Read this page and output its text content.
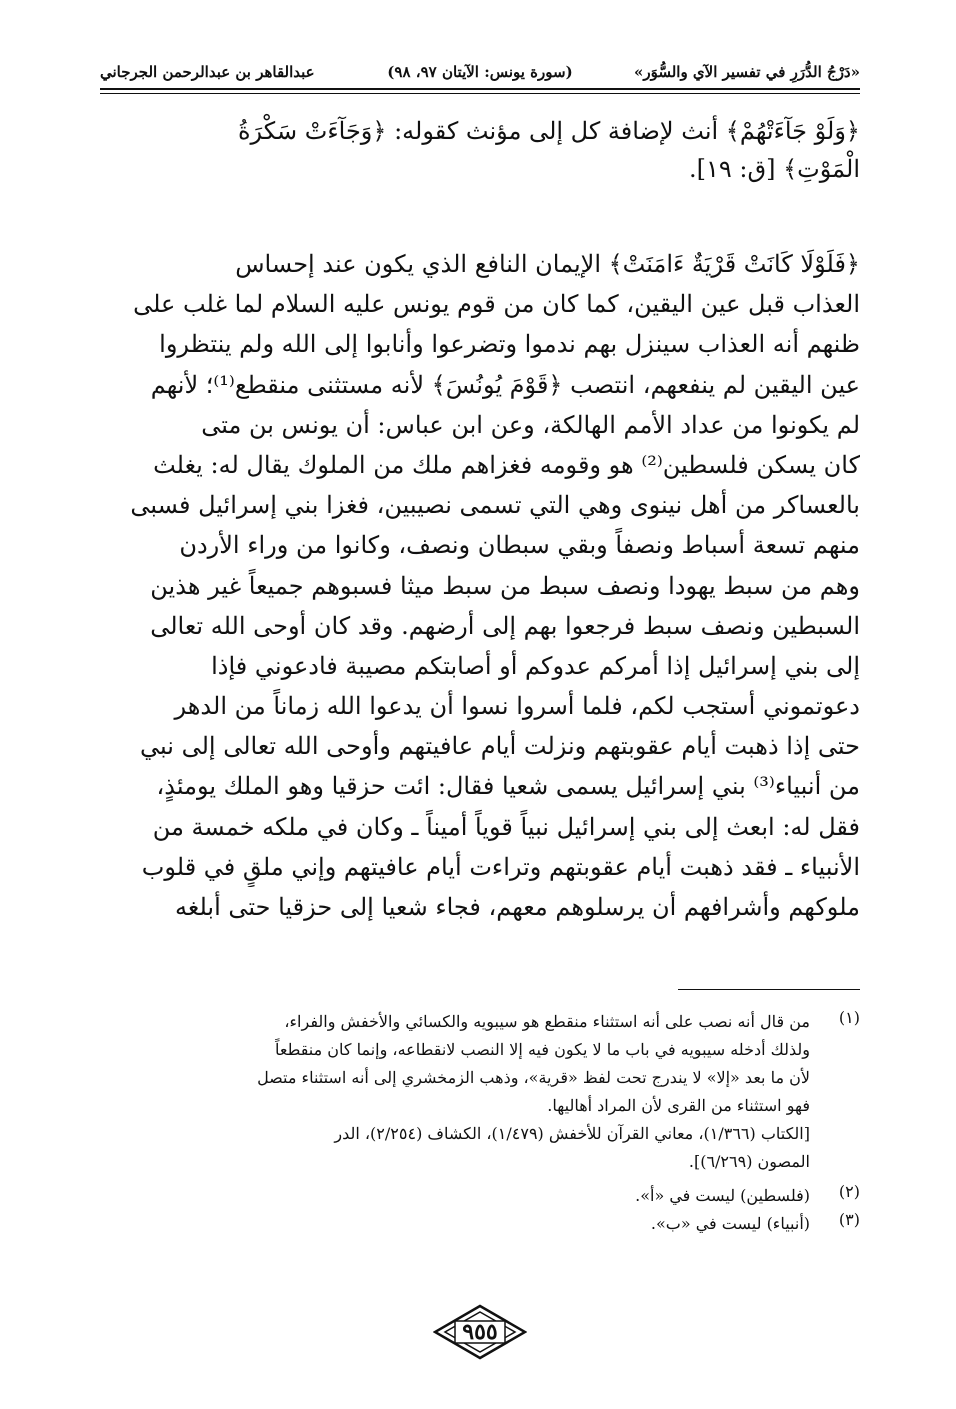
«دَرْجُ الدُّرَرِ في تفسير الآي والسُّوَر»
(سورة يونس: الآيتان ٩٧، ٩٨)
عبدالقاهر بن عبدالرحمن الجرجاني
﴿وَلَوْ جَآءَتْهُمْ﴾ أنث لإضافة كل إلى مؤنث كقوله: ﴿وَجَآءَتْ سَكْرَةُ
الْمَوْتِ﴾ [ق: ١٩].
﴿فَلَوْلَا كَانَتْ قَرْيَةٌ ءَامَنَتْ﴾ الإيمان النافع الذي يكون عند إحساس
العذاب قبل عين اليقين، كما كان من قوم يونس عليه السلام لما غلب على
ظنهم أنه العذاب سينزل بهم ندموا وتضرعوا وأنابوا إلى الله ولم ينتظروا
عين اليقين لم ينفعهم، انتصب ﴿قَوْمَ يُونُسَ﴾ لأنه مستثنى منقطع⁽¹⁾؛ لأنهم
لم يكونوا من عداد الأمم الهالكة، وعن ابن عباس: أن يونس بن متى
كان يسكن فلسطين⁽²⁾ هو وقومه فغزاهم ملك من الملوك يقال له: يغلث
بالعساكر من أهل نينوى وهي التي تسمى نصيبين، فغزا بني إسرائيل فسبى
منهم تسعة أسباط ونصفاً وبقي سبطان ونصف، وكانوا من وراء الأردن
وهم من سبط يهودا ونصف سبط من سبط ميثا فسبوهم جميعاً غير هذين
السبطين ونصف سبط فرجعوا بهم إلى أرضهم. وقد كان أوحى الله تعالى
إلى بني إسرائيل إذا أمركم عدوكم أو أصابتكم مصيبة فادعوني فإذا
دعوتموني أستجب لكم، فلما أسروا نسوا أن يدعوا الله زماناً من الدهر
حتى إذا ذهبت أيام عقوبتهم ونزلت أيام عافيتهم وأوحى الله تعالى إلى نبي
من أنبياء⁽³⁾ بني إسرائيل يسمى شعيا فقال: ائت حزقيا وهو الملك يومئذٍ،
فقل له: ابعث إلى بني إسرائيل نبياً قوياً أميناً ـ وكان في ملكه خمسة من
الأنبياء ـ فقد ذهبت أيام عقوبتهم وتراءت أيام عافيتهم وإني ملقٍ في قلوب
ملوكهم وأشرافهم أن يرسلوهم معهم، فجاء شعيا إلى حزقيا حتى أبلغه
(١)
من قال أنه نصب على أنه استثناء منقطع هو سيبويه والكسائي والأخفش والفراء،
ولذلك أدخله سيبويه في باب ما لا يكون فيه إلا النصب لانقطاعه، وإنما كان منقطعاً
لأن ما بعد «إلا» لا يندرج تحت لفظ «قرية»، وذهب الزمخشري إلى أنه استثناء متصل
فهو استثناء من القرى لأن المراد أهاليها.
[الكتاب (١/٣٦٦)، معاني القرآن للأخفش (١/٤٧٩)، الكشاف (٢/٢٥٤)، الدر
المصون (٦/٢٦٩)].
(٢)
(فلسطين) ليست في «أ».
(٣)
(أنبياء) ليست في «ب».
٩٥٥
